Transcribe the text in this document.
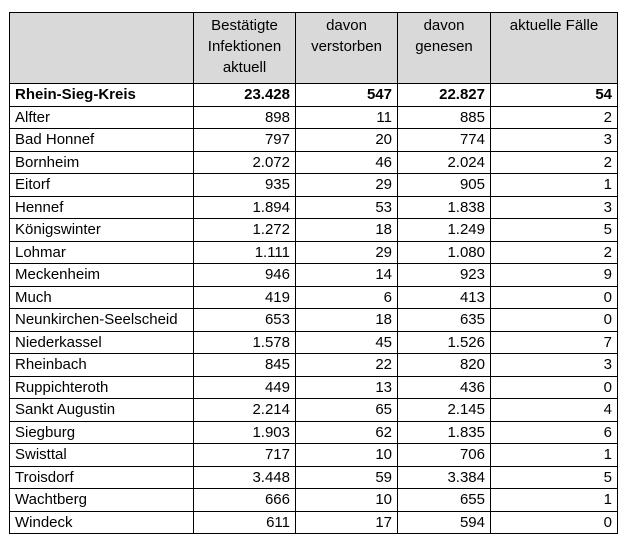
	Bestätigte Infektionen aktuell	davon verstorben	davon genesen	aktuelle Fälle
Rhein-Sieg-Kreis	23.428	547	22.827	54
Alfter	898	11	885	2
Bad Honnef	797	20	774	3
Bornheim	2.072	46	2.024	2
Eitorf	935	29	905	1
Hennef	1.894	53	1.838	3
Königswinter	1.272	18	1.249	5
Lohmar	1.111	29	1.080	2
Meckenheim	946	14	923	9
Much	419	6	413	0
Neunkirchen-Seelscheid	653	18	635	0
Niederkassel	1.578	45	1.526	7
Rheinbach	845	22	820	3
Ruppichteroth	449	13	436	0
Sankt Augustin	2.214	65	2.145	4
Siegburg	1.903	62	1.835	6
Swisttal	717	10	706	1
Troisdorf	3.448	59	3.384	5
Wachtberg	666	10	655	1
Windeck	611	17	594	0
